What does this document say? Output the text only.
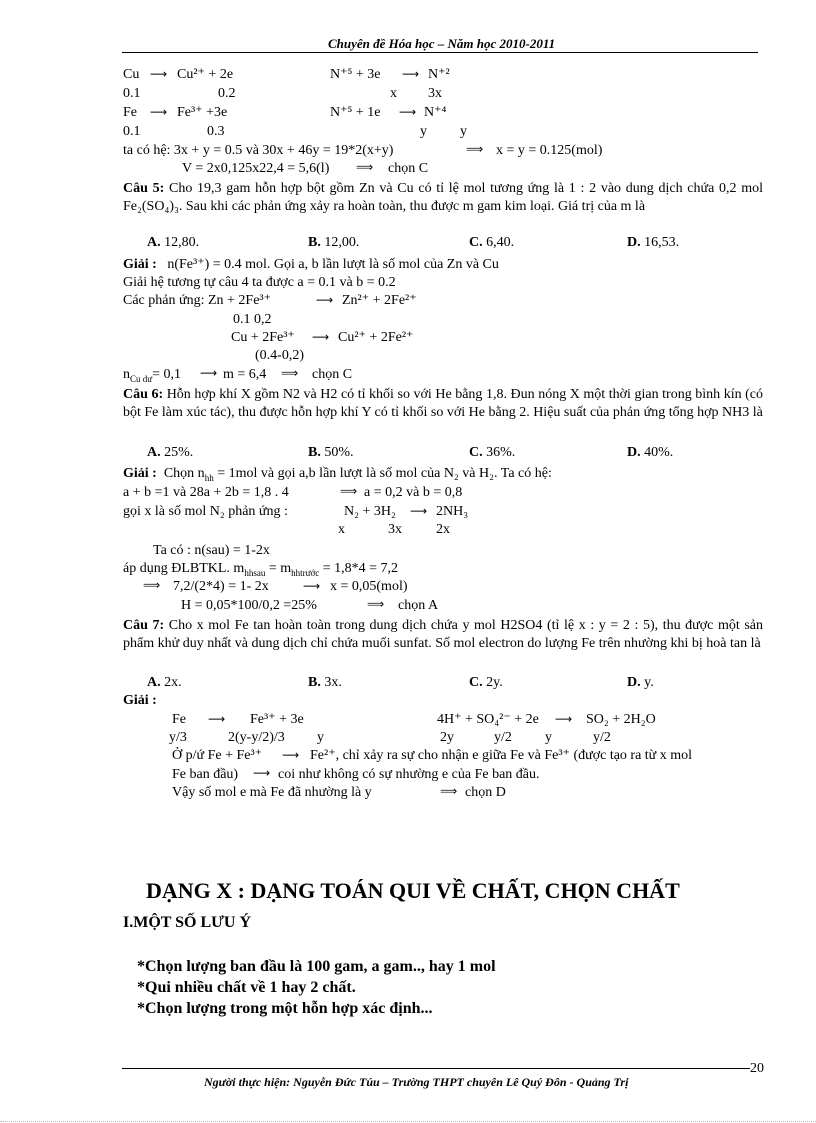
Chuyên đề Hóa học – Năm học 2010-2011
Cu ⟶ Cu²⁺ + 2e	N⁺⁵ + 3e ⟶ N⁺²
0.1	0.2	x 3x
Fe ⟶ Fe³⁺ +3e	N⁺⁵ + 1e ⟶ N⁺⁴
0.1	0.3	y y
ta có hệ: 3x + y = 0.5 và 30x + 46y = 19*2(x+y)	⟹ x = y = 0.125(mol)
V = 2x0,125x22,4 = 5,6(l) ⟹ chọn C
Câu 5: Cho 19,3 gam hỗn hợp bột gồm Zn và Cu có tỉ lệ mol tương ứng là 1 : 2 vào dung dịch chứa 0,2 mol Fe₂(SO₄)₃. Sau khi các phản ứng xảy ra hoàn toàn, thu được m gam kim loại. Giá trị của m là
A. 12,80.	B. 12,00.	C. 6,40.	D. 16,53.
Giải : n(Fe³⁺) = 0.4 mol. Gọi a, b lần lượt là số mol của Zn và Cu
Giải hệ tương tự câu 4 ta được a = 0.1 và b = 0.2
Các phản ứng: Zn + 2Fe³⁺	⟶ Zn²⁺ + 2Fe²⁺
0.1 0,2
Cu + 2Fe³⁺ ⟶ Cu²⁺ + 2Fe²⁺
(0.4-0,2)
$n_{Cu dư}= 0,1$ ⟶ m = 6,4 ⟹ chọn C
Câu 6: Hỗn hợp khí X gồm N2 và H2 có tỉ khối so với He bằng 1,8. Đun nóng X một thời gian trong bình kín (có bột Fe làm xúc tác), thu được hỗn hợp khí Y có tỉ khối so với He bằng 2. Hiệu suất của phản ứng tổng hợp NH3 là
A. 25%.	B. 50%.	C. 36%.	D. 40%.
Giải : Chọn $n_{hh} = 1mol$ và gọi a,b lần lượt là số mol của N₂ và H₂. Ta có hệ:
a + b =1 và 28a + 2b = 1,8 . 4	⟹ a = 0,2 và b = 0,8
gọi x là số mol N₂ phản ứng :	N₂ + 3H₂ ⟶ 2NH₃
x	3x 2x
Ta có : n(sau) = 1-2x
áp dụng ĐLBTKL. $m_{hhsau} = m_{hhtrước} = 1,8*4 = 7,2$
⟹ 7,2/(2*4) = 1- 2x	⟶ x = 0,05(mol)
H = 0,05*100/0,2 =25%	⟹ chọn A
Câu 7: Cho x mol Fe tan hoàn toàn trong dung dịch chứa y mol H2SO4 (tỉ lệ x : y = 2 : 5), thu được một sản phẩm khử duy nhất và dung dịch chỉ chứa muối sunfat. Số mol electron do lượng Fe trên nhường khi bị hoà tan là
A. 2x.	B. 3x.	C. 2y.	D. y.
Giải :
Fe ⟶ Fe³⁺ + 3e	4H⁺ + SO₄²⁻ + 2e ⟶ SO₂ + 2H₂O
y/3	2(y-y/2)/3 y	2y	y/2 y	y/2
Ở p/ứ Fe + Fe³⁺ ⟶ Fe²⁺, chỉ xảy ra sự cho nhận e giữa Fe và Fe³⁺ (được tạo ra từ x mol
Fe ban đầu) ⟶ coi như không có sự nhường e của Fe ban đầu.
Vậy số mol e mà Fe đã nhường là y	⟹ chọn D
DẠNG X : DẠNG TOÁN QUI VỀ CHẤT, CHỌN CHẤT
I.MỘT SỐ LƯU Ý
*Chọn lượng ban đầu là 100 gam, a gam.., hay 1 mol
*Qui nhiều chất về 1 hay 2 chất.
*Chọn lượng trong một hỗn hợp xác định...
20
Người thực hiện: Nguyễn Đức Túu – Trường THPT chuyên Lê Quý Đôn - Quảng Trị
